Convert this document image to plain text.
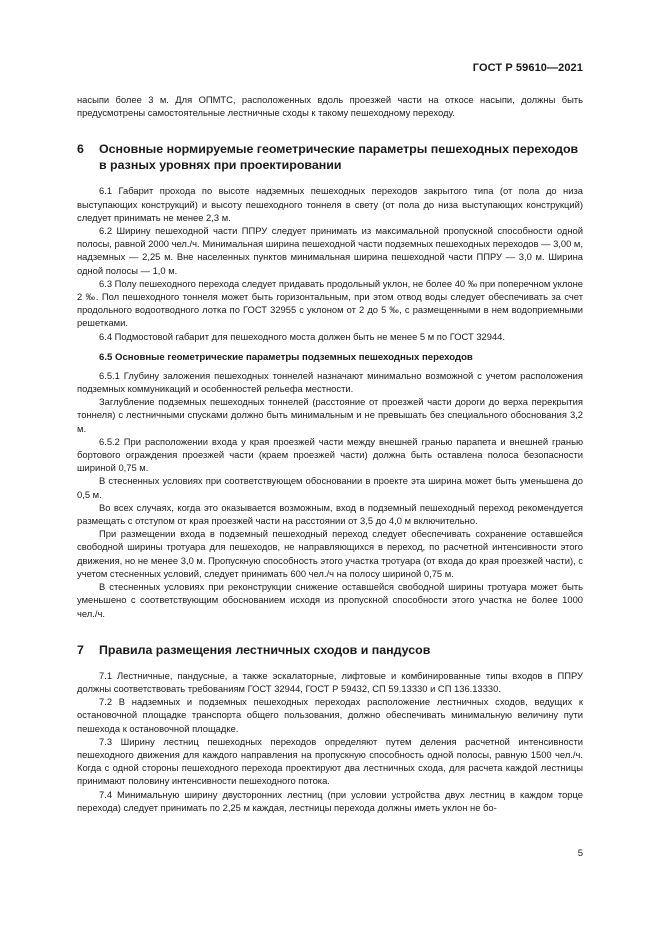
ГОСТ Р 59610—2021

насыпи более 3 м. Для ОПМТС, расположенных вдоль проезжей части на откосе насыпи, должны быть предусмотрены самостоятельные лестничные сходы к такому пешеходному переходу.

6 Основные нормируемые геометрические параметры пешеходных переходов в разных уровнях при проектировании

6.1 Габарит прохода по высоте надземных пешеходных переходов закрытого типа (от пола до низа выступающих конструкций) и высоту пешеходного тоннеля в свету (от пола до низа выступающих конструкций) следует принимать не менее 2,3 м.

6.2 Ширину пешеходной части ППРУ следует принимать из максимальной пропускной способности одной полосы, равной 2000 чел./ч. Минимальная ширина пешеходной части подземных пешеходных переходов — 3,00 м, надземных — 2,25 м. Вне населенных пунктов минимальная ширина пешеходной части ППРУ — 3,0 м. Ширина одной полосы — 1,0 м.

6.3 Полу пешеходного перехода следует придавать продольный уклон, не более 40 ‰ при поперечном уклоне 2 ‰. Пол пешеходного тоннеля может быть горизонтальным, при этом отвод воды следует обеспечивать за счет продольного водоотводного лотка по ГОСТ 32955 с уклоном от 2 до 5 ‰, с размещенными в нем водоприемными решетками.

6.4 Подмостовой габарит для пешеходного моста должен быть не менее 5 м по ГОСТ 32944.

6.5 Основные геометрические параметры подземных пешеходных переходов

6.5.1 Глубину заложения пешеходных тоннелей назначают минимально возможной с учетом расположения подземных коммуникаций и особенностей рельефа местности.

Заглубление подземных пешеходных тоннелей (расстояние от проезжей части дороги до верха перекрытия тоннеля) с лестничными спусками должно быть минимальным и не превышать без специального обоснования 3,2 м.

6.5.2 При расположении входа у края проезжей части между внешней гранью парапета и внешней гранью бортового ограждения проезжей части (краем проезжей части) должна быть оставлена полоса безопасности шириной 0,75 м.

В стесненных условиях при соответствующем обосновании в проекте эта ширина может быть уменьшена до 0,5 м.

Во всех случаях, когда это оказывается возможным, вход в подземный пешеходный переход рекомендуется размещать с отступом от края проезжей части на расстоянии от 3,5 до 4,0 м включительно.

При размещении входа в подземный пешеходный переход следует обеспечивать сохранение оставшейся свободной ширины тротуара для пешеходов, не направляющихся в переход, по расчетной интенсивности этого движения, но не менее 3,0 м. Пропускную способность этого участка тротуара (от входа до края проезжей части), с учетом стесненных условий, следует принимать 600 чел./ч на полосу шириной 0,75 м.

В стесненных условиях при реконструкции снижение оставшейся свободной ширины тротуара может быть уменьшено с соответствующим обоснованием исходя из пропускной способности этого участка не более 1000 чел./ч.

7 Правила размещения лестничных сходов и пандусов

7.1 Лестничные, пандусные, а также эскалаторные, лифтовые и комбинированные типы входов в ППРУ должны соответствовать требованиям ГОСТ 32944, ГОСТ Р 59432, СП 59.13330 и СП 136.13330.

7.2 В надземных и подземных пешеходных переходах расположение лестничных сходов, ведущих к остановочной площадке транспорта общего пользования, должно обеспечивать минимальную величину пути пешехода к остановочной площадке.

7.3 Ширину лестниц пешеходных переходов определяют путем деления расчетной интенсивности пешеходного движения для каждого направления на пропускную способность одной полосы, равную 1500 чел./ч. Когда с одной стороны пешеходного перехода проектируют два лестничных схода, для расчета каждой лестницы принимают половину интенсивности пешеходного потока.

7.4 Минимальную ширину двусторонних лестниц (при условии устройства двух лестниц в каждом торце перехода) следует принимать по 2,25 м каждая, лестницы перехода должны иметь уклон не бо-

5
